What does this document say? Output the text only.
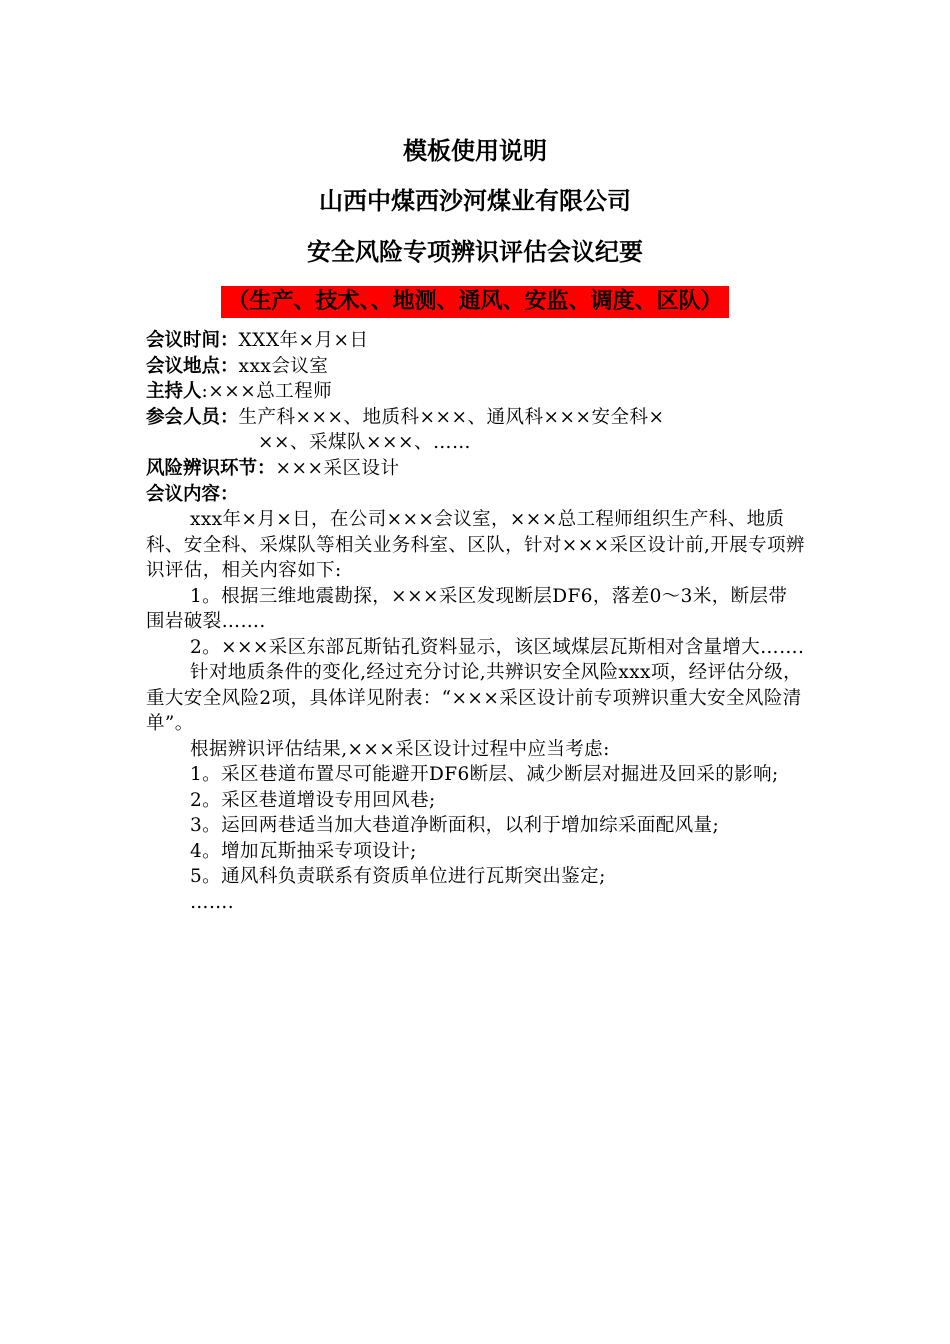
模板使用说明
山西中煤西沙河煤业有限公司
安全风险专项辨识评估会议纪要
（生产、技术、、地测、通风、安监、调度、区队）
会议时间：XXX年×月×日
会议地点：xxx会议室
主持人:×××总工程师
参会人员：生产科×××、地质科×××、通风科×××安全科×
××、采煤队×××、……
风险辨识环节：×××采区设计
会议内容：

xxx年×月×日，在公司×××会议室，×××总工程师组织生产科、地质科、安全科、采煤队等相关业务科室、区队，针对×××采区设计前,开展专项辨识评估，相关内容如下:

1。根据三维地震勘探，×××采区发现断层DF6，落差0～3米，断层带围岩破裂…….

2。×××采区东部瓦斯钻孔资料显示，该区域煤层瓦斯相对含量增大…….

针对地质条件的变化,经过充分讨论,共辨识安全风险xxx项，经评估分级，重大安全风险2项，具体详见附表：“×××采区设计前专项辨识重大安全风险清单”。

根据辨识评估结果,×××采区设计过程中应当考虑:

1。采区巷道布置尽可能避开DF6断层、减少断层对掘进及回采的影响;

2。采区巷道增设专用回风巷;

3。运回两巷适当加大巷道净断面积，以利于增加综采面配风量;

4。增加瓦斯抽采专项设计;

5。通风科负责联系有资质单位进行瓦斯突出鉴定;

…….
